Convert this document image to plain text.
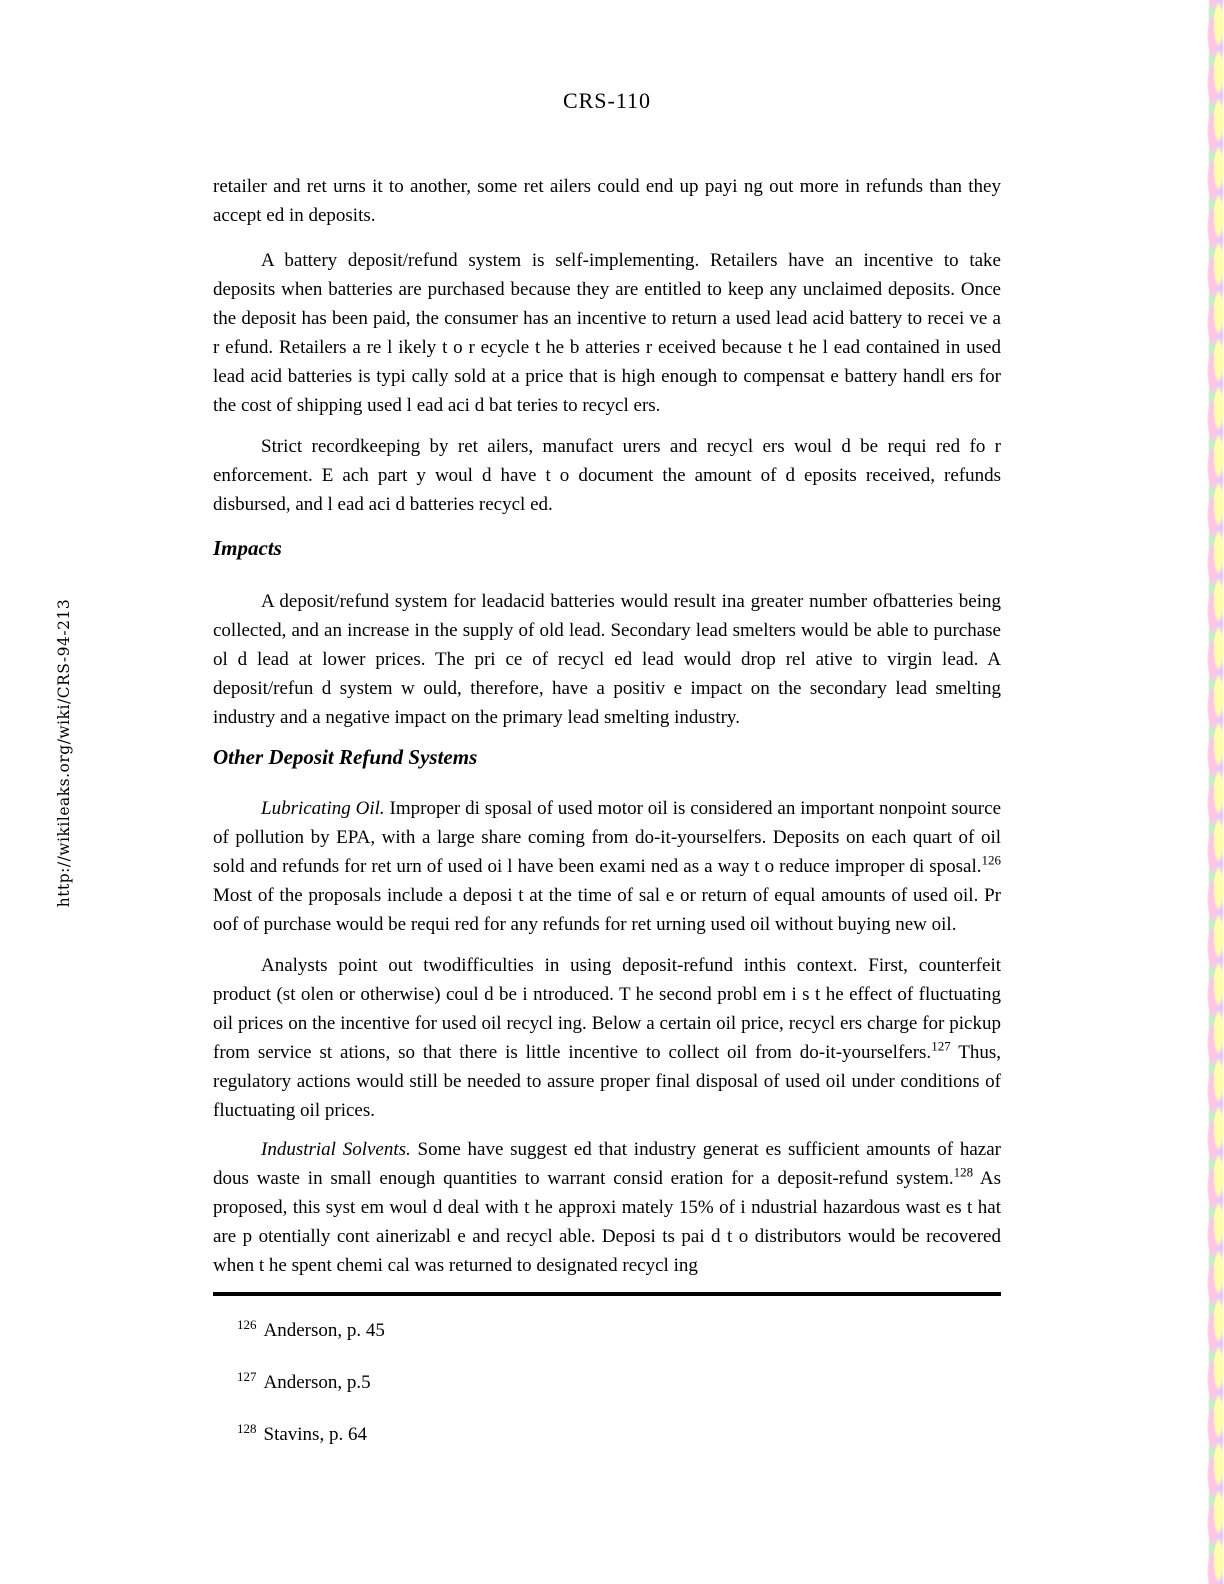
http://wikileaks.org/wiki/CRS-94-213
CRS-110

retailer and ret urns it to another, some ret ailers could end up payi ng out more in refunds than they accept ed in deposits.

A battery deposit/refund system is self-implementing. Retailers have an incentive to take deposits when batteries are purchased because they are entitled to keep any unclaimed deposits. Once the deposit has been paid, the consumer has an incentive to return a used lead acid battery to recei ve a r efund. Retailers a re l ikely t o r ecycle t he b atteries r eceived because t he l ead contained in used lead acid batteries is typi cally sold at a price that is high enough to compensat e battery handl ers for the cost of shipping used l ead aci d bat teries to recycl ers.

Strict recordkeeping by ret ailers, manufact urers and recycl ers woul d be requi red fo r enforcement. E ach part y woul d have t o document the amount of d eposits received, refunds disbursed, and l ead aci d batteries recycl ed.

Impacts

A deposit/refund system for leadacid batteries would result ina greater number ofbatteries being collected, and an increase in the supply of old lead. Secondary lead smelters would be able to purchase ol d lead at lower prices. The pri ce of recycl ed lead would drop rel ative to virgin lead. A deposit/refun d system w ould, therefore, have a positiv e impact on the secondary lead smelting industry and a negative impact on the primary lead smelting industry.

Other Deposit Refund Systems

Lubricating Oil. Improper di sposal of used motor oil is considered an important nonpoint source of pollution by EPA, with a large share coming from do-it-yourselfers. Deposits on each quart of oil sold and refunds for ret urn of used oi l have been exami ned as a way t o reduce improper di sposal.$^{126}$ Most of the proposals include a deposi t at the time of sal e or return of equal amounts of used oil. Pr oof of purchase would be requi red for any refunds for ret urning used oil without buying new oil.

Analysts point out twodifficulties in using deposit-refund inthis context. First, counterfeit product (st olen or otherwise) coul d be i ntroduced. T he second probl em i s t he effect of fluctuating oil prices on the incentive for used oil recycl ing. Below a certain oil price, recycl ers charge for pickup from service st ations, so that there is little incentive to collect oil from do-it-yourselfers.$^{127}$ Thus, regulatory actions would still be needed to assure proper final disposal of used oil under conditions of fluctuating oil prices.

Industrial Solvents. Some have suggest ed that industry generat es sufficient amounts of hazar dous waste in small enough quantities to warrant consid eration for a deposit-refund system.$^{128}$ As proposed, this syst em woul d deal with t he approxi mately 15% of i ndustrial hazardous wast es t hat are p otentially cont ainerizabl e and recycl able. Deposi ts pai d t o distributors would be recovered when t he spent chemi cal was returned to designated recycl ing

$^{126}$ Anderson, p. 45
$^{127}$ Anderson, p.5
$^{128}$ Stavins, p. 64
